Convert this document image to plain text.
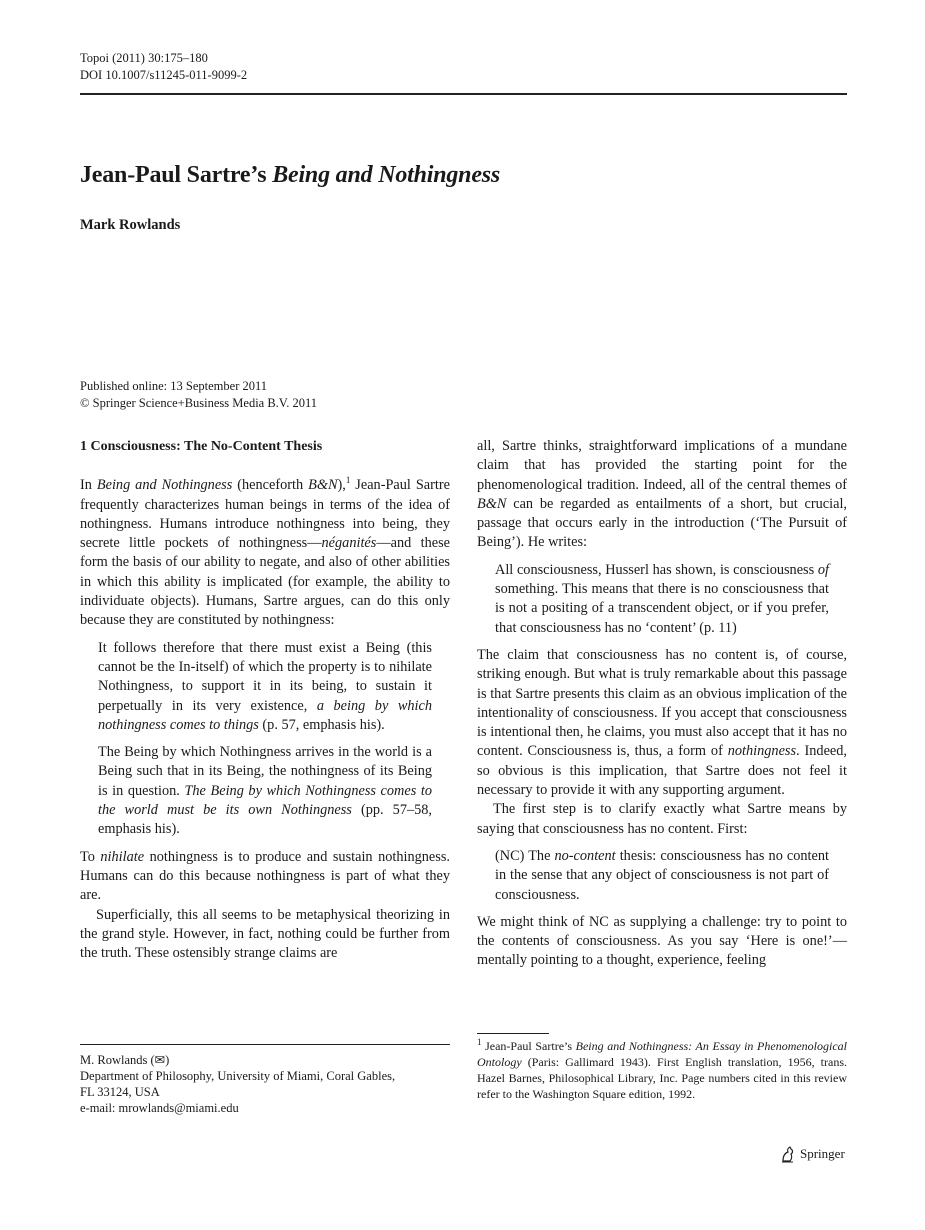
Topoi (2011) 30:175–180
DOI 10.1007/s11245-011-9099-2
Jean-Paul Sartre’s Being and Nothingness
Mark Rowlands
Published online: 13 September 2011
© Springer Science+Business Media B.V. 2011
1 Consciousness: The No-Content Thesis

In Being and Nothingness (henceforth B&N),$^1$ Jean-Paul Sartre frequently characterizes human beings in terms of the idea of nothingness. Humans introduce nothingness into being, they secrete little pockets of nothingness—néganités—and these form the basis of our ability to negate, and also of other abilities in which this ability is implicated (for example, the ability to individuate objects). Humans, Sartre argues, can do this only because they are constituted by nothingness:

It follows therefore that there must exist a Being (this cannot be the In-itself) of which the property is to nihilate Nothingness, to support it in its being, to sustain it perpetually in its very existence, a being by which nothingness comes to things (p. 57, emphasis his).

The Being by which Nothingness arrives in the world is a Being such that in its Being, the nothingness of its Being is in question. The Being by which Nothingness comes to the world must be its own Nothingness (pp. 57–58, emphasis his).

To nihilate nothingness is to produce and sustain nothingness. Humans can do this because nothingness is part of what they are.

Superficially, this all seems to be metaphysical theorizing in the grand style. However, in fact, nothing could be further from the truth. These ostensibly strange claims are

all, Sartre thinks, straightforward implications of a mundane claim that has provided the starting point for the phenomenological tradition. Indeed, all of the central themes of B&N can be regarded as entailments of a short, but crucial, passage that occurs early in the introduction (‘The Pursuit of Being’). He writes:

All consciousness, Husserl has shown, is consciousness of something. This means that there is no consciousness that is not a positing of a transcendent object, or if you prefer, that consciousness has no ‘content’ (p. 11)

The claim that consciousness has no content is, of course, striking enough. But what is truly remarkable about this passage is that Sartre presents this claim as an obvious implication of the intentionality of consciousness. If you accept that consciousness is intentional then, he claims, you must also accept that it has no content. Consciousness is, thus, a form of nothingness. Indeed, so obvious is this implication, that Sartre does not feel it necessary to provide it with any supporting argument.

The first step is to clarify exactly what Sartre means by saying that consciousness has no content. First:

(NC) The no-content thesis: consciousness has no content in the sense that any object of consciousness is not part of consciousness.

We might think of NC as supplying a challenge: try to point to the contents of consciousness. As you say ‘Here is one!’—mentally pointing to a thought, experience, feeling

M. Rowlands (✉)
Department of Philosophy, University of Miami, Coral Gables,
FL 33124, USA
e-mail: mrowlands@miami.edu
$^1$ Jean-Paul Sartre’s Being and Nothingness: An Essay in Phenomenological Ontology (Paris: Gallimard 1943). First English translation, 1956, trans. Hazel Barnes, Philosophical Library, Inc. Page numbers cited in this review refer to the Washington Square edition, 1992.
Springer
